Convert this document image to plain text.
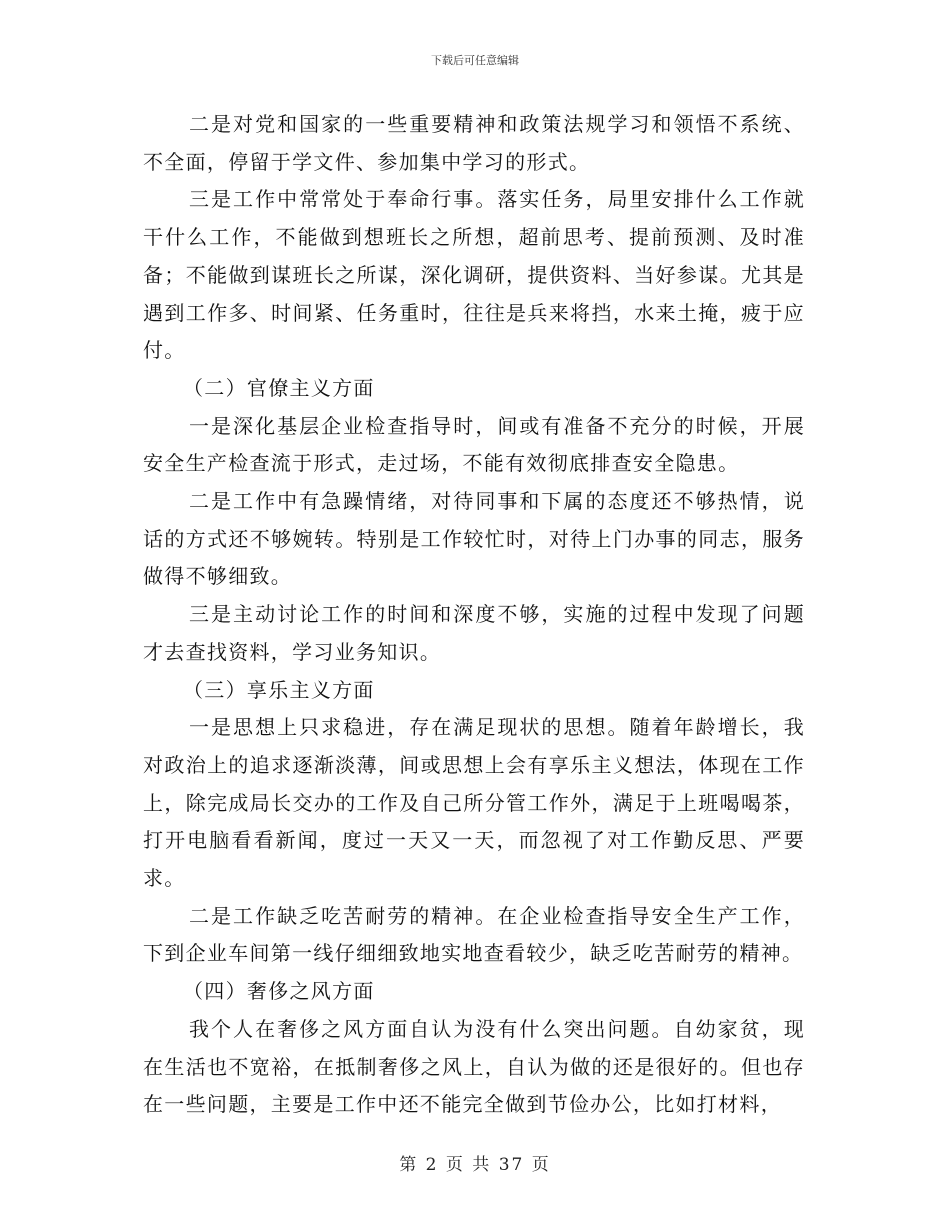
下载后可任意编辑

二是对党和国家的一些重要精神和政策法规学习和领悟不系统、不全面，停留于学文件、参加集中学习的形式。

三是工作中常常处于奉命行事。落实任务，局里安排什么工作就干什么工作，不能做到想班长之所想，超前思考、提前预测、及时准备；不能做到谋班长之所谋，深化调研，提供资料、当好参谋。尤其是遇到工作多、时间紧、任务重时，往往是兵来将挡，水来土掩，疲于应付。

（二）官僚主义方面

一是深化基层企业检查指导时，间或有准备不充分的时候，开展安全生产检查流于形式，走过场，不能有效彻底排查安全隐患。

二是工作中有急躁情绪，对待同事和下属的态度还不够热情，说话的方式还不够婉转。特别是工作较忙时，对待上门办事的同志，服务做得不够细致。

三是主动讨论工作的时间和深度不够，实施的过程中发现了问题才去查找资料，学习业务知识。

（三）享乐主义方面

一是思想上只求稳进，存在满足现状的思想。随着年龄增长，我对政治上的追求逐渐淡薄，间或思想上会有享乐主义想法，体现在工作上，除完成局长交办的工作及自己所分管工作外，满足于上班喝喝茶，打开电脑看看新闻，度过一天又一天，而忽视了对工作勤反思、严要求。

二是工作缺乏吃苦耐劳的精神。在企业检查指导安全生产工作，下到企业车间第一线仔细细致地实地查看较少，缺乏吃苦耐劳的精神。

（四）奢侈之风方面

我个人在奢侈之风方面自认为没有什么突出问题。自幼家贫，现在生活也不宽裕，在抵制奢侈之风上，自认为做的还是很好的。但也存在一些问题，主要是工作中还不能完全做到节俭办公，比如打材料，

第 2 页 共 37 页
